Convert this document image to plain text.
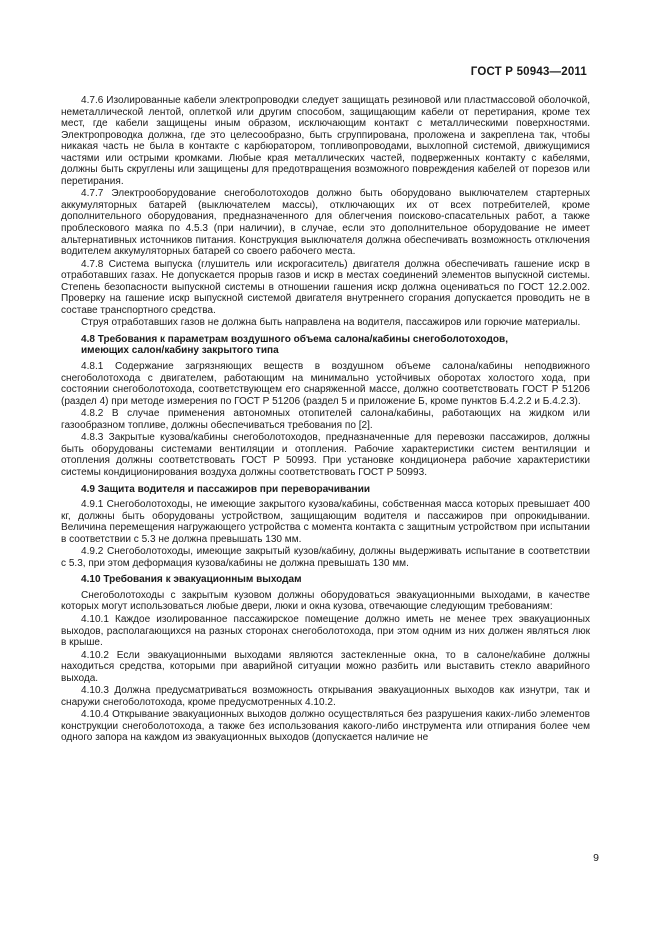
ГОСТ Р 50943—2011

4.7.6 Изолированные кабели электропроводки следует защищать резиновой или пластмассовой оболочкой, неметаллической лентой, оплеткой или другим способом, защищающим кабели от перетирания, кроме тех мест, где кабели защищены иным образом, исключающим контакт с металлическими поверхностями. Электропроводка должна, где это целесообразно, быть сгруппирована, проложена и закреплена так, чтобы никакая часть не была в контакте с карбюратором, топливопроводами, выхлопной системой, движущимися частями или острыми кромками. Любые края металлических частей, подверженных контакту с кабелями, должны быть скруглены или защищены для предотвращения возможного повреждения кабелей от порезов или перетирания.

4.7.7 Электрооборудование снегоболотоходов должно быть оборудовано выключателем стартерных аккумуляторных батарей (выключателем массы), отключающих их от всех потребителей, кроме дополнительного оборудования, предназначенного для облегчения поисково-спасательных работ, а также проблескового маяка по 4.5.3 (при наличии), в случае, если это дополнительное оборудование не имеет альтернативных источников питания. Конструкция выключателя должна обеспечивать возможность отключения водителем аккумуляторных батарей со своего рабочего места.

4.7.8 Система выпуска (глушитель или искрогаситель) двигателя должна обеспечивать гашение искр в отработавших газах. Не допускается прорыв газов и искр в местах соединений элементов выпускной системы. Степень безопасности выпускной системы в отношении гашения искр должна оцениваться по ГОСТ 12.2.002. Проверку на гашение искр выпускной системой двигателя внутреннего сгорания допускается проводить не в составе транспортного средства.

Струя отработавших газов не должна быть направлена на водителя, пассажиров или горючие материалы.

4.8 Требования к параметрам воздушного объема салона/кабины снегоболотоходов,
имеющих салон/кабину закрытого типа

4.8.1 Содержание загрязняющих веществ в воздушном объеме салона/кабины неподвижного снегоболотохода с двигателем, работающим на минимально устойчивых оборотах холостого хода, при состоянии снегоболотохода, соответствующем его снаряженной массе, должно соответствовать ГОСТ Р 51206 (раздел 4) при методе измерения по ГОСТ Р 51206 (раздел 5 и приложение Б, кроме пунктов Б.4.2.2 и Б.4.2.3).

4.8.2 В случае применения автономных отопителей салона/кабины, работающих на жидком или газообразном топливе, должны обеспечиваться требования по [2].

4.8.3 Закрытые кузова/кабины снегоболотоходов, предназначенные для перевозки пассажиров, должны быть оборудованы системами вентиляции и отопления. Рабочие характеристики систем вентиляции и отопления должны соответствовать ГОСТ Р 50993. При установке кондиционера рабочие характеристики системы кондиционирования воздуха должны соответствовать ГОСТ Р 50993.

4.9 Защита водителя и пассажиров при переворачивании

4.9.1 Снегоболотоходы, не имеющие закрытого кузова/кабины, собственная масса которых превышает 400 кг, должны быть оборудованы устройством, защищающим водителя и пассажиров при опрокидывании. Величина перемещения нагружающего устройства с момента контакта с защитным устройством при испытании в соответствии с 5.3 не должна превышать 130 мм.

4.9.2 Снегоболотоходы, имеющие закрытый кузов/кабину, должны выдерживать испытание в соответствии с 5.3, при этом деформация кузова/кабины не должна превышать 130 мм.

4.10 Требования к эвакуационным выходам

Снегоболотоходы с закрытым кузовом должны оборудоваться эвакуационными выходами, в качестве которых могут использоваться любые двери, люки и окна кузова, отвечающие следующим требованиям:

4.10.1 Каждое изолированное пассажирское помещение должно иметь не менее трех эвакуационных выходов, располагающихся на разных сторонах снегоболотохода, при этом одним из них должен являться люк в крыше.

4.10.2 Если эвакуационными выходами являются застекленные окна, то в салоне/кабине должны находиться средства, которыми при аварийной ситуации можно разбить или выставить стекло аварийного выхода.

4.10.3 Должна предусматриваться возможность открывания эвакуационных выходов как изнутри, так и снаружи снегоболотохода, кроме предусмотренных 4.10.2.

4.10.4 Открывание эвакуационных выходов должно осуществляться без разрушения каких-либо элементов конструкции снегоболотохода, а также без использования какого-либо инструмента или отпирания более чем одного запора на каждом из эвакуационных выходов (допускается наличие не

9
